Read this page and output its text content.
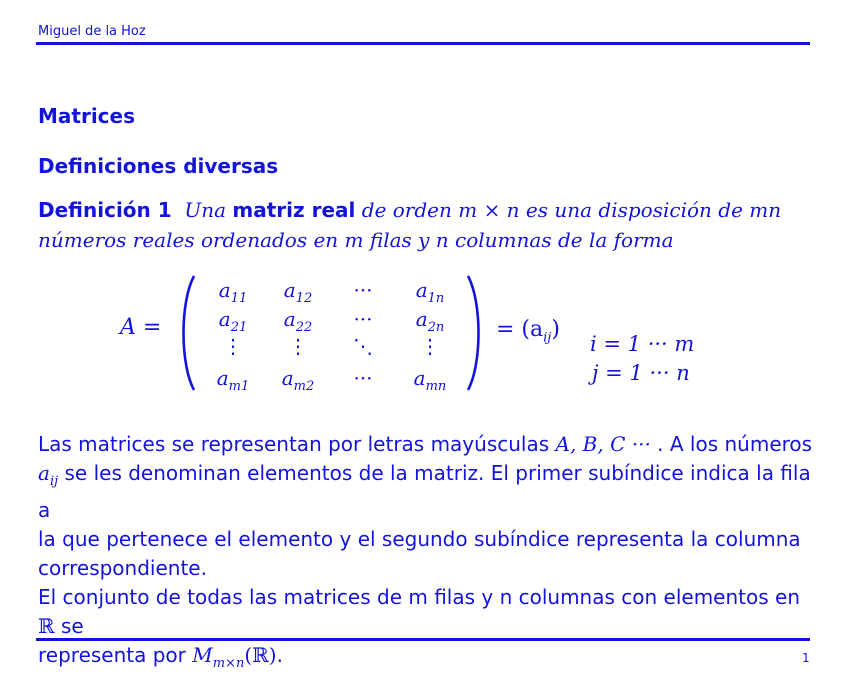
Miguel de la Hoz
Matrices
Definiciones diversas
Definición 1 Una matriz real de orden m × n es una disposición de mn
números reales ordenados en m filas y n columnas de la forma
A =
$a_{11}$	$a_{12}$	···	$a_{1n}$
$a_{21}$	$a_{22}$	···	$a_{2n}$
⋮	⋮	⋱	⋮
$a_{m1}$	$a_{m2}$	···	$a_{mn}$
= $(a_{ij})$
i = 1 ··· m
j = 1 ··· n
Las matrices se representan por letras mayúsculas A, B, C ··· . A los números
$a_{ij}$ se les denominan elementos de la matriz. El primer subíndice indica la fila a
la que pertenece el elemento y el segundo subíndice representa la columna
correspondiente.
El conjunto de todas las matrices de m filas y n columnas con elementos en ℝ se
representa por $M_{m\times n}(ℝ)$.	1
